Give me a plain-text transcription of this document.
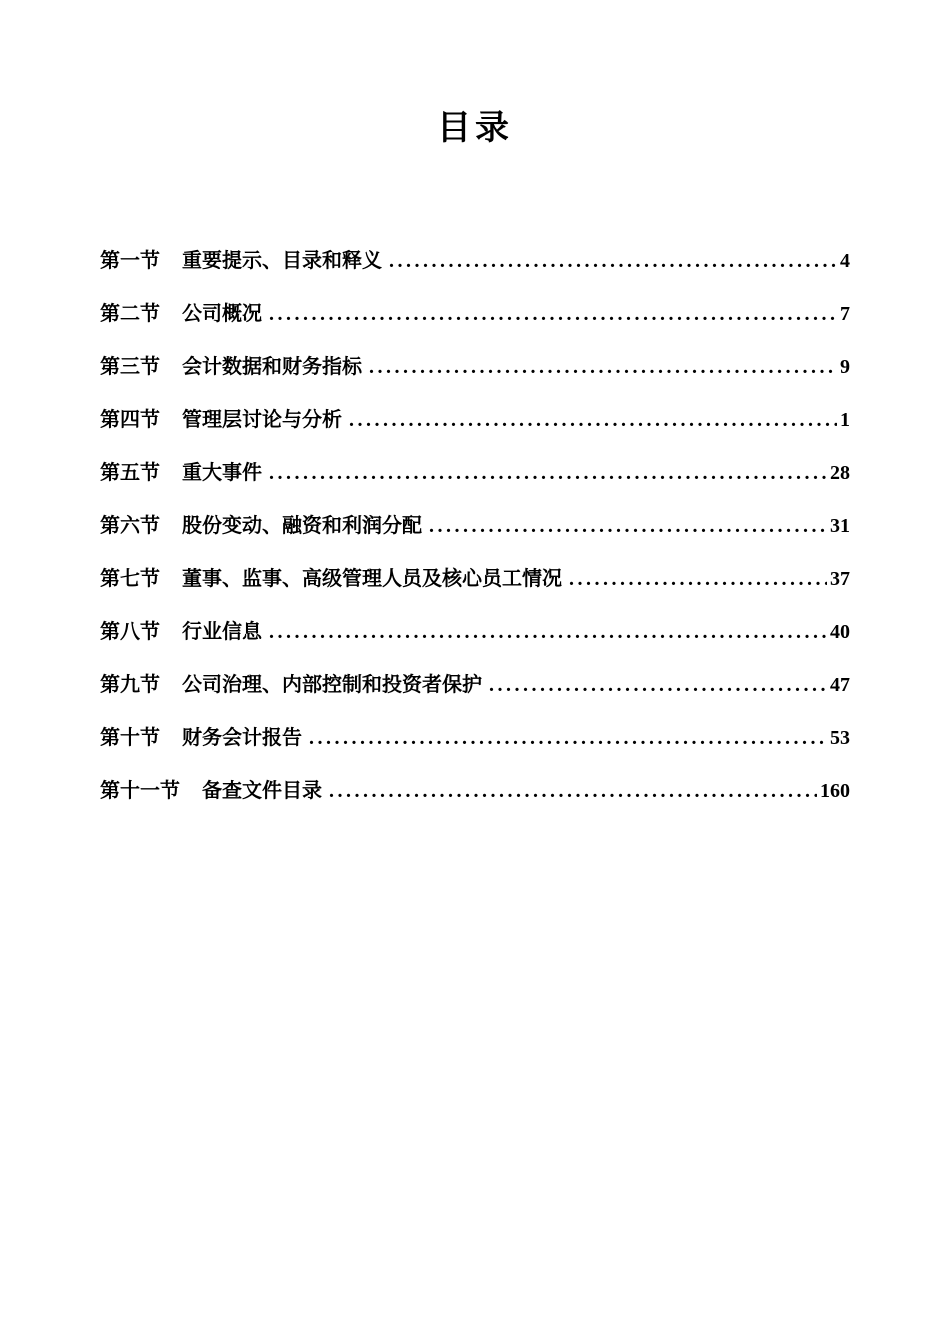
目录
第一节 重要提示、目录和释义 .....	4
第二节 公司概况 .....	7
第三节 会计数据和财务指标 .....	9
第四节 管理层讨论与分析 .....	1
第五节 重大事件 .....	28
第六节 股份变动、融资和利润分配 .....	31
第七节 董事、监事、高级管理人员及核心员工情况 .....	37
第八节 行业信息 .....	40
第九节 公司治理、内部控制和投资者保护 .....	47
第十节 财务会计报告 .....	53
第十一节 备查文件目录 .....	160
